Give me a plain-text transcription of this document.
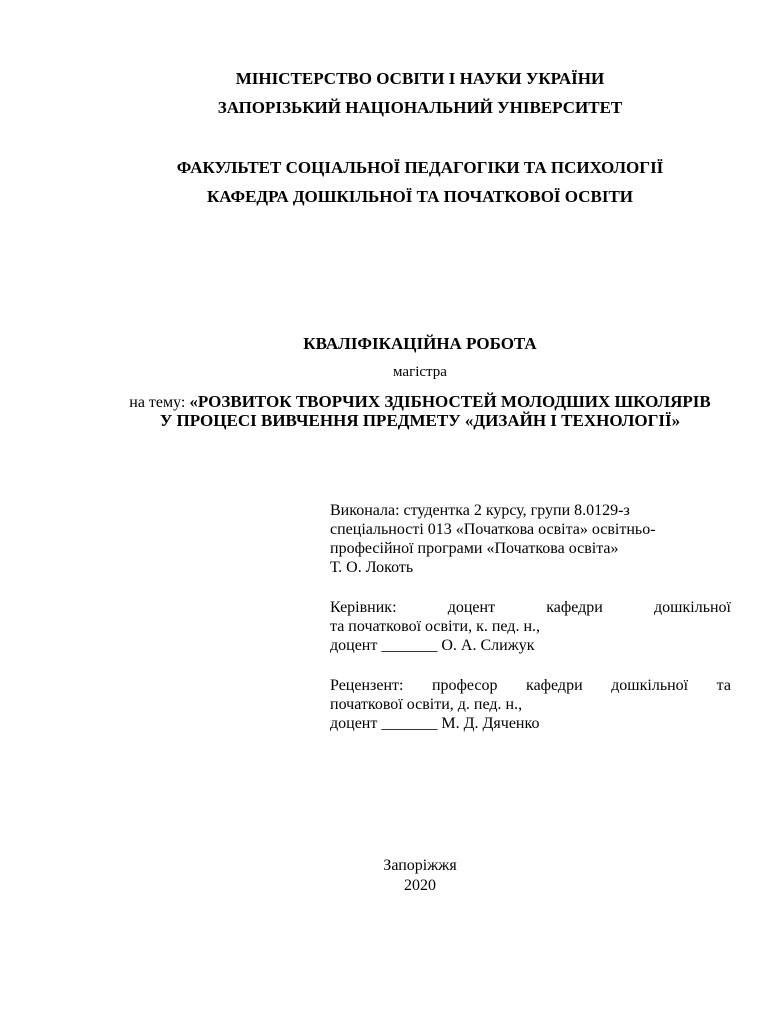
МІНІСТЕРСТВО ОСВІТИ І НАУКИ УКРАЇНИ
ЗАПОРІЗЬКИЙ НАЦІОНАЛЬНИЙ УНІВЕРСИТЕТ
ФАКУЛЬТЕТ СОЦІАЛЬНОЇ ПЕДАГОГІКИ ТА ПСИХОЛОГІЇ
КАФЕДРА ДОШКІЛЬНОЇ ТА ПОЧАТКОВОЇ ОСВІТИ
КВАЛІФІКАЦІЙНА РОБОТА
магістра
на тему: «РОЗВИТОК ТВОРЧИХ ЗДІБНОСТЕЙ МОЛОДШИХ ШКОЛЯРІВ
У ПРОЦЕСІ ВИВЧЕННЯ ПРЕДМЕТУ «ДИЗАЙН І ТЕХНОЛОГІЇ»
Виконала: студентка 2 курсу, групи 8.0129-з
спеціальності 013 «Початкова освіта» освітньо-
професійної програми «Початкова освіта»
Т. О. Локоть
Керівник:	доцент	кафедри	дошкільної
та початкової освіти, к. пед. н.,
доцент _______ О. А. Слижук
Рецензент: професор кафедри дошкільної та
початкової освіти, д. пед. н.,
доцент _______ М. Д. Дяченко
Запоріжжя
2020
